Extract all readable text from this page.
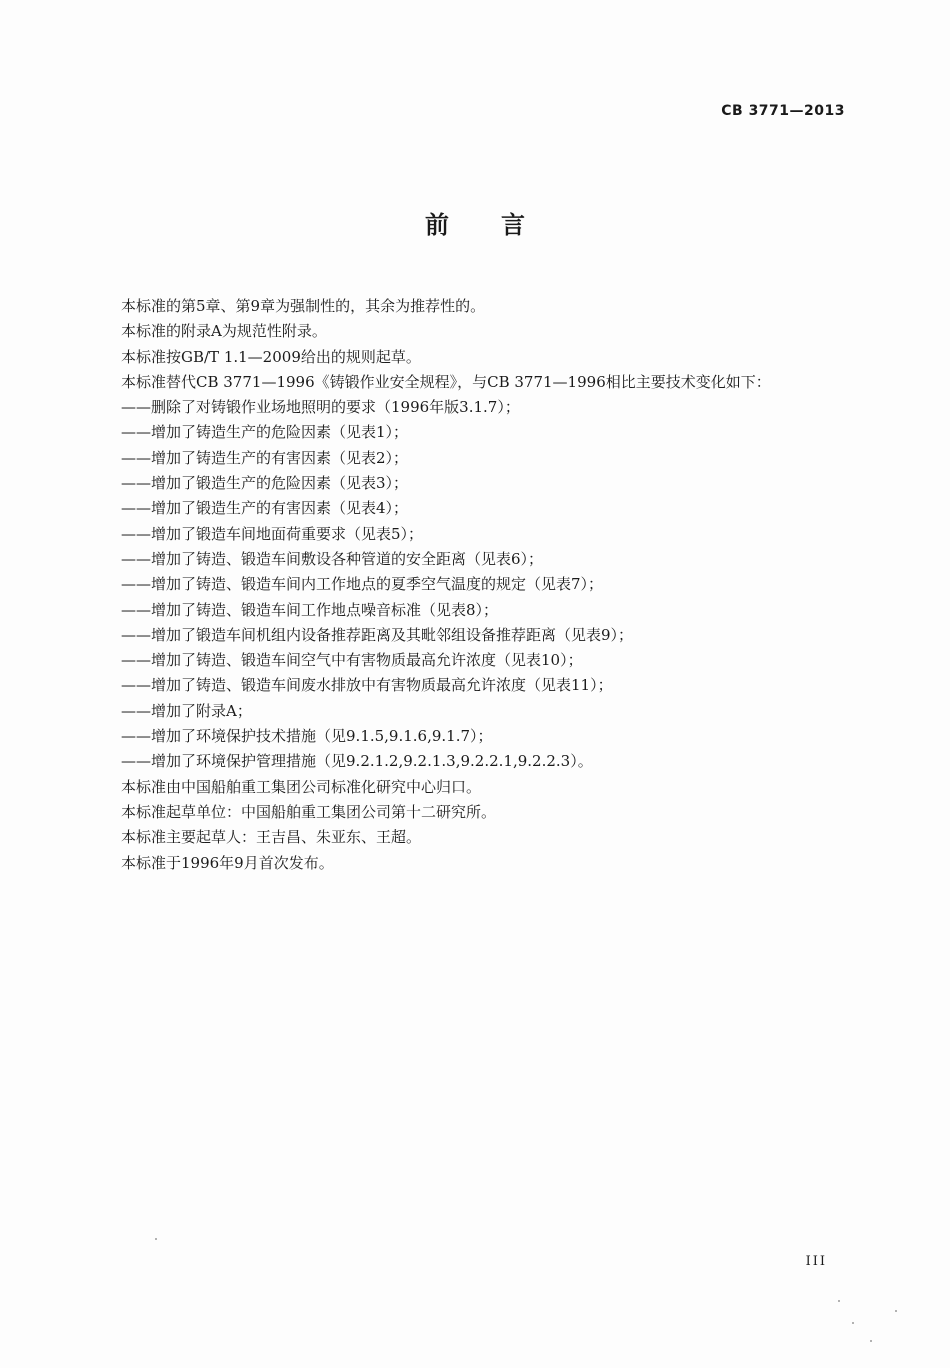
CB 3771—2013
前言
本标准的第5章、第9章为强制性的，其余为推荐性的。
本标准的附录A为规范性附录。
本标准按GB/T 1.1—2009给出的规则起草。
本标准替代CB 3771—1996《铸锻作业安全规程》，与CB 3771—1996相比主要技术变化如下：
——删除了对铸锻作业场地照明的要求（1996年版3.1.7）；
——增加了铸造生产的危险因素（见表1）；
——增加了铸造生产的有害因素（见表2）；
——增加了锻造生产的危险因素（见表3）；
——增加了锻造生产的有害因素（见表4）；
——增加了锻造车间地面荷重要求（见表5）；
——增加了铸造、锻造车间敷设各种管道的安全距离（见表6）；
——增加了铸造、锻造车间内工作地点的夏季空气温度的规定（见表7）；
——增加了铸造、锻造车间工作地点噪音标准（见表8）；
——增加了锻造车间机组内设备推荐距离及其毗邻组设备推荐距离（见表9）；
——增加了铸造、锻造车间空气中有害物质最高允许浓度（见表10）；
——增加了铸造、锻造车间废水排放中有害物质最高允许浓度（见表11）；
——增加了附录A；
——增加了环境保护技术措施（见9.1.5,9.1.6,9.1.7）；
——增加了环境保护管理措施（见9.2.1.2,9.2.1.3,9.2.2.1,9.2.2.3）。
本标准由中国船舶重工集团公司标准化研究中心归口。
本标准起草单位：中国船舶重工集团公司第十二研究所。
本标准主要起草人：王吉昌、朱亚东、王超。
本标准于1996年9月首次发布。
III
